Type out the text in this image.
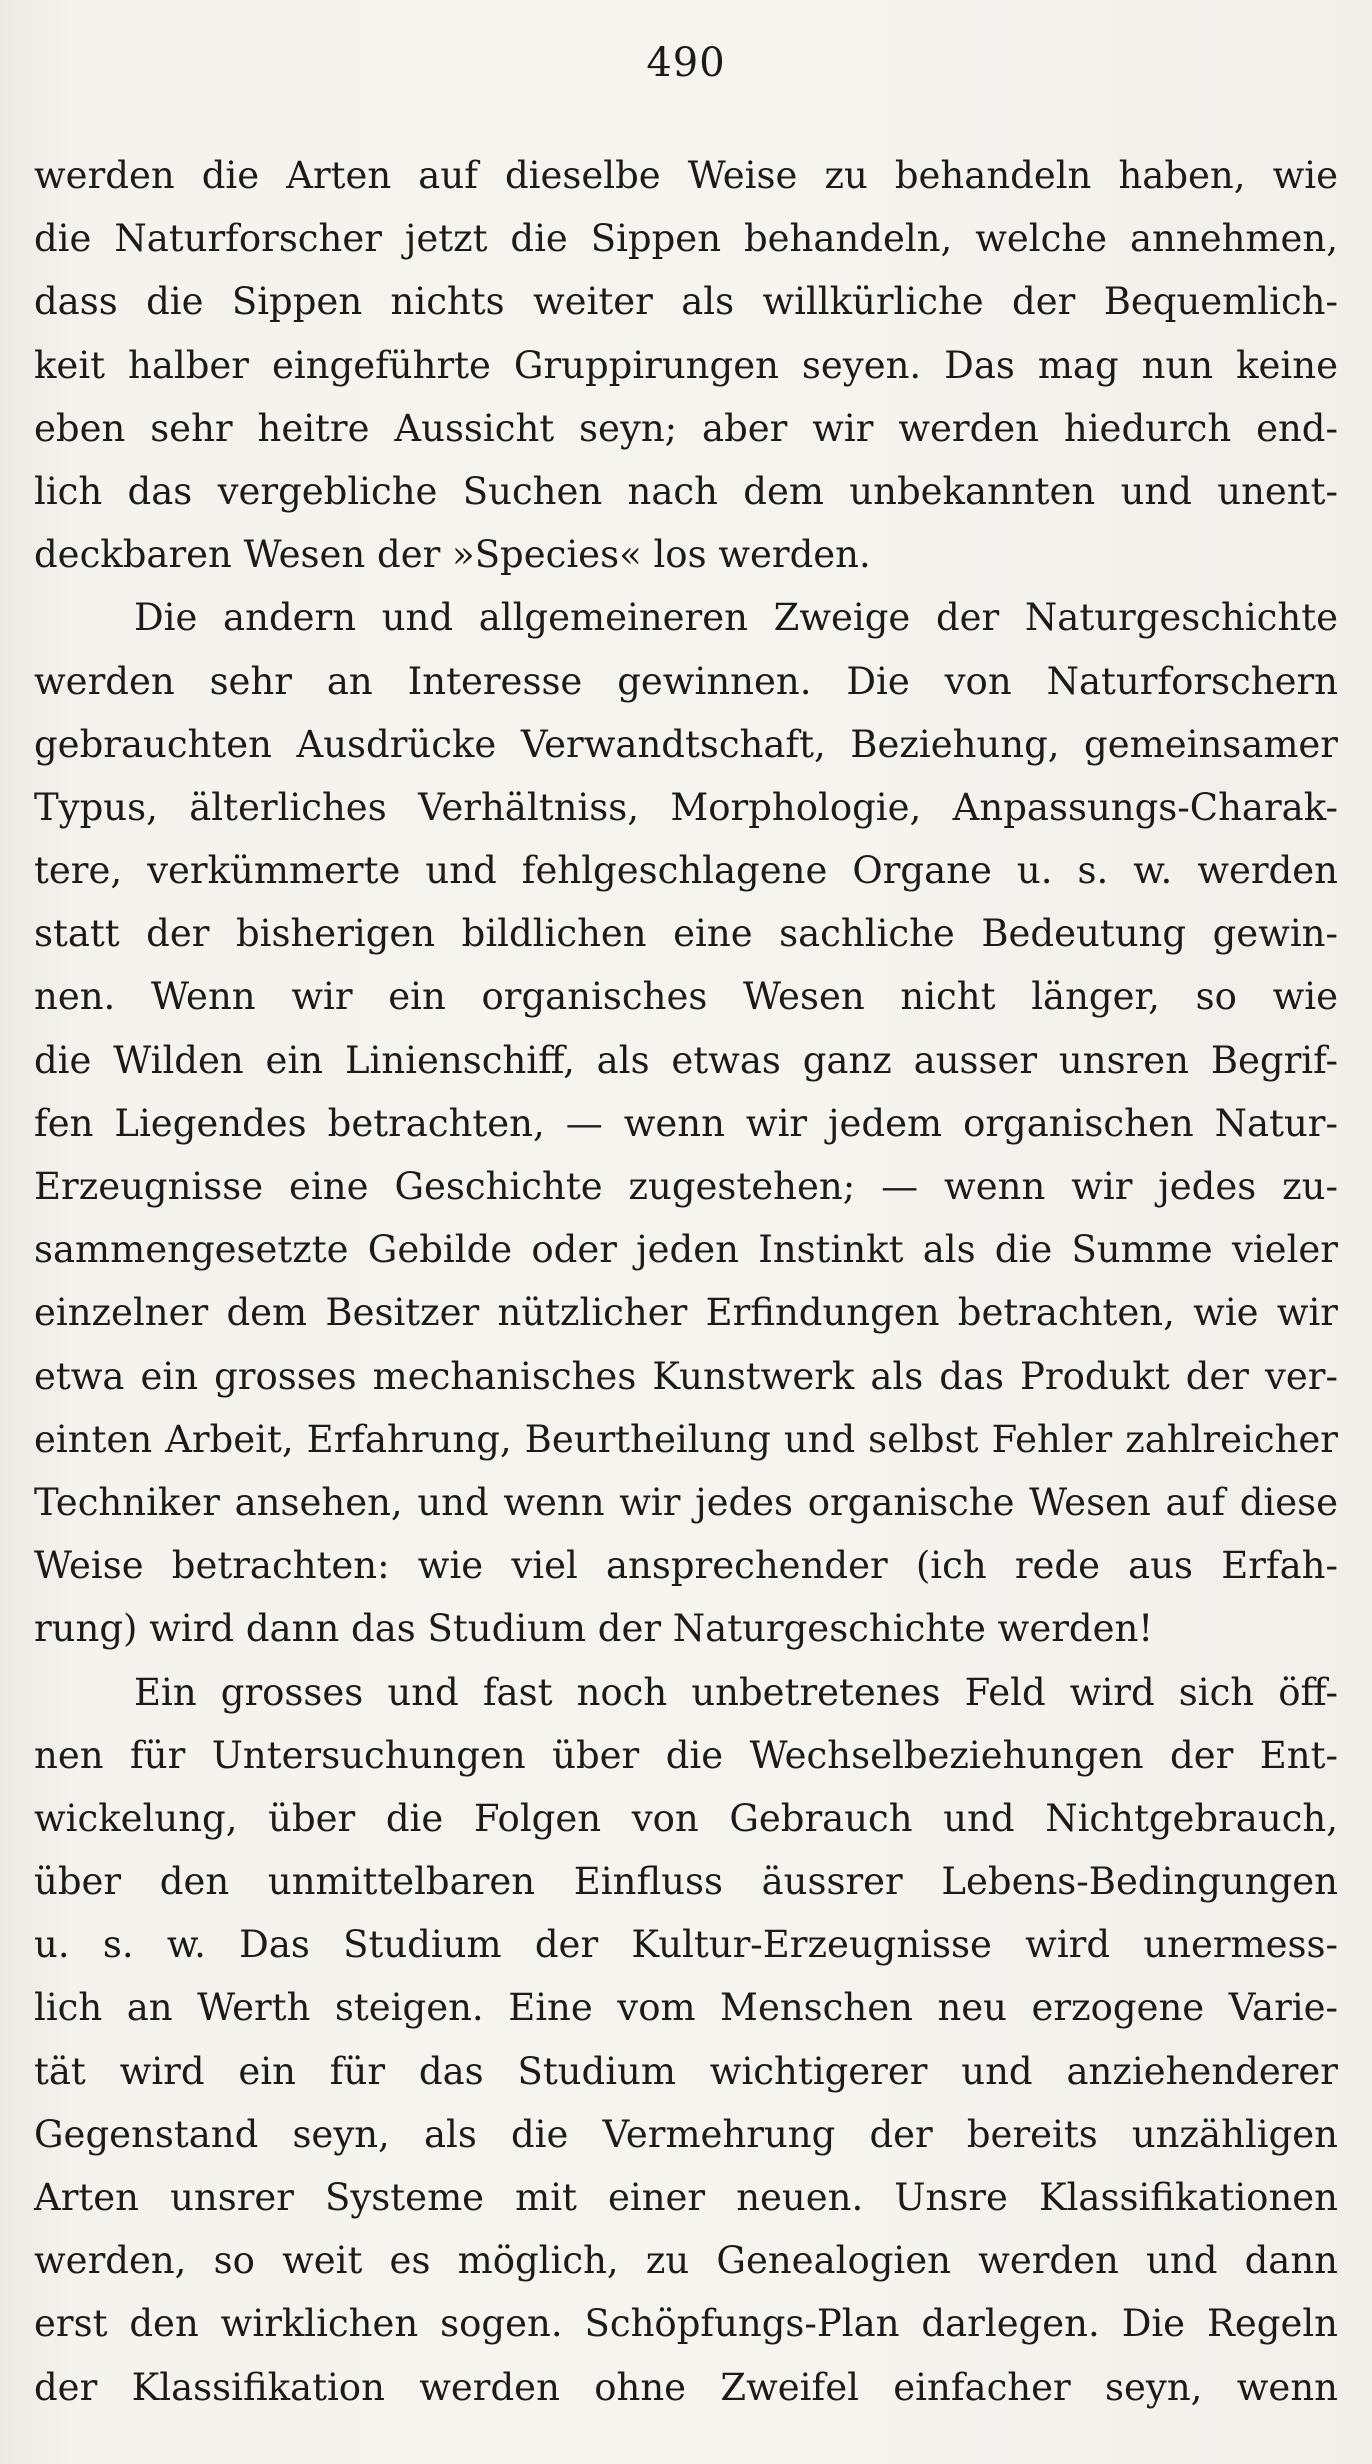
490
werden die Arten auf dieselbe Weise zu behandeln haben, wie
die Naturforscher jetzt die Sippen behandeln, welche annehmen,
dass die Sippen nichts weiter als willkürliche der Bequemlich-
keit halber eingeführte Gruppirungen seyen. Das mag nun keine
eben sehr heitre Aussicht seyn; aber wir werden hiedurch end-
lich das vergebliche Suchen nach dem unbekannten und unent-
deckbaren Wesen der »Species« los werden.
Die andern und allgemeineren Zweige der Naturgeschichte
werden sehr an Interesse gewinnen. Die von Naturforschern
gebrauchten Ausdrücke Verwandtschaft, Beziehung, gemeinsamer
Typus, älterliches Verhältniss, Morphologie, Anpassungs-Charak-
tere, verkümmerte und fehlgeschlagene Organe u. s. w. werden
statt der bisherigen bildlichen eine sachliche Bedeutung gewin-
nen. Wenn wir ein organisches Wesen nicht länger, so wie
die Wilden ein Linienschiff, als etwas ganz ausser unsren Begrif-
fen Liegendes betrachten, — wenn wir jedem organischen Natur-
Erzeugnisse eine Geschichte zugestehen; — wenn wir jedes zu-
sammengesetzte Gebilde oder jeden Instinkt als die Summe vieler
einzelner dem Besitzer nützlicher Erfindungen betrachten, wie wir
etwa ein grosses mechanisches Kunstwerk als das Produkt der ver-
einten Arbeit, Erfahrung, Beurtheilung und selbst Fehler zahlreicher
Techniker ansehen, und wenn wir jedes organische Wesen auf diese
Weise betrachten: wie viel ansprechender (ich rede aus Erfah-
rung) wird dann das Studium der Naturgeschichte werden!
Ein grosses und fast noch unbetretenes Feld wird sich öff-
nen für Untersuchungen über die Wechselbeziehungen der Ent-
wickelung, über die Folgen von Gebrauch und Nichtgebrauch,
über den unmittelbaren Einfluss äussrer Lebens-Bedingungen
u. s. w. Das Studium der Kultur-Erzeugnisse wird unermess-
lich an Werth steigen. Eine vom Menschen neu erzogene Varie-
tät wird ein für das Studium wichtigerer und anziehenderer
Gegenstand seyn, als die Vermehrung der bereits unzähligen
Arten unsrer Systeme mit einer neuen. Unsre Klassifikationen
werden, so weit es möglich, zu Genealogien werden und dann
erst den wirklichen sogen. Schöpfungs-Plan darlegen. Die Regeln
der Klassifikation werden ohne Zweifel einfacher seyn, wenn
